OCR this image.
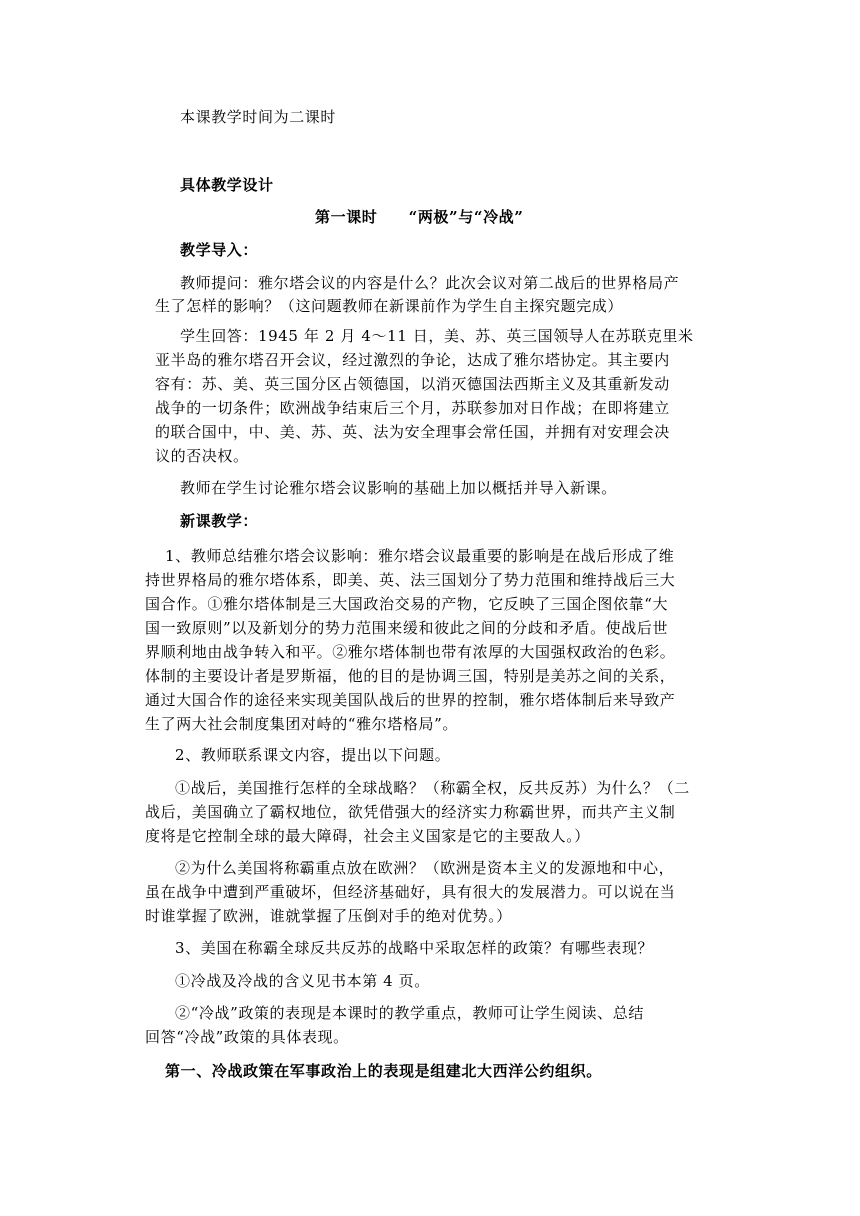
本课教学时间为二课时
具体教学设计
第一课时　　“两极”与“冷战”
教学导入：
教师提问：雅尔塔会议的内容是什么？此次会议对第二战后的世界格局产
生了怎样的影响？（这问题教师在新课前作为学生自主探究题完成）
学生回答：1945 年 2 月 4～11 日，美、苏、英三国领导人在苏联克里米
亚半岛的雅尔塔召开会议，经过激烈的争论，达成了雅尔塔协定。其主要内
容有：苏、美、英三国分区占领德国，以消灭德国法西斯主义及其重新发动
战争的一切条件；欧洲战争结束后三个月，苏联参加对日作战；在即将建立
的联合国中，中、美、苏、英、法为安全理事会常任国，并拥有对安理会决
议的否决权。
教师在学生讨论雅尔塔会议影响的基础上加以概括并导入新课。
新课教学：
1、教师总结雅尔塔会议影响：雅尔塔会议最重要的影响是在战后形成了维
持世界格局的雅尔塔体系，即美、英、法三国划分了势力范围和维持战后三大
国合作。①雅尔塔体制是三大国政治交易的产物，它反映了三国企图依靠“大
国一致原则”以及新划分的势力范围来缓和彼此之间的分歧和矛盾。使战后世
界顺利地由战争转入和平。②雅尔塔体制也带有浓厚的大国强权政治的色彩。
体制的主要设计者是罗斯福，他的目的是协调三国，特别是美苏之间的关系，
通过大国合作的途径来实现美国队战后的世界的控制，雅尔塔体制后来导致产
生了两大社会制度集团对峙的“雅尔塔格局”。
2、教师联系课文内容，提出以下问题。
①战后，美国推行怎样的全球战略？（称霸全权，反共反苏）为什么？（二
战后，美国确立了霸权地位，欲凭借强大的经济实力称霸世界，而共产主义制
度将是它控制全球的最大障碍，社会主义国家是它的主要敌人。）
②为什么美国将称霸重点放在欧洲？（欧洲是资本主义的发源地和中心，
虽在战争中遭到严重破坏，但经济基础好，具有很大的发展潜力。可以说在当
时谁掌握了欧洲，谁就掌握了压倒对手的绝对优势。）
3、美国在称霸全球反共反苏的战略中采取怎样的政策？有哪些表现？
①冷战及冷战的含义见书本第 4 页。
②“冷战”政策的表现是本课时的教学重点，教师可让学生阅读、总结
回答“冷战”政策的具体表现。
第一、冷战政策在军事政治上的表现是组建北大西洋公约组织。
